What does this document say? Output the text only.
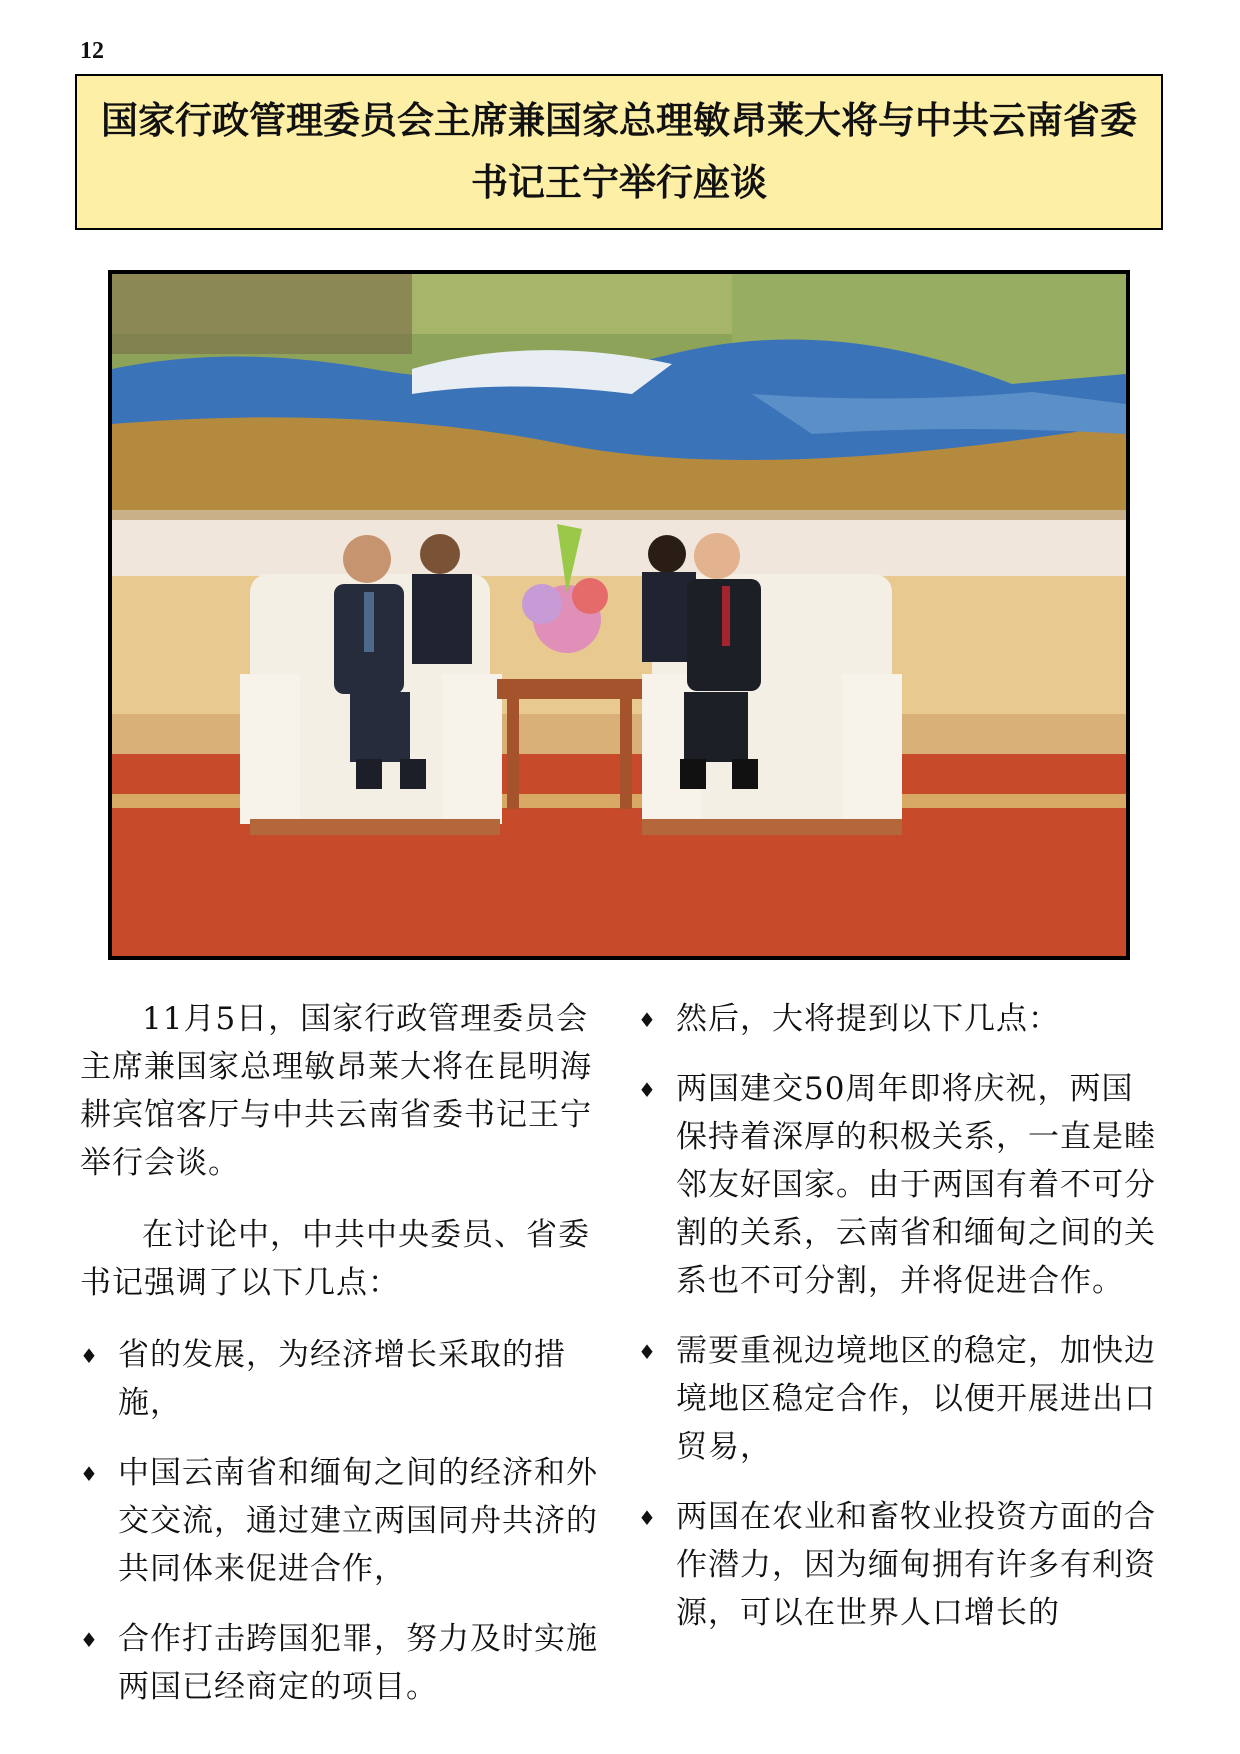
12
国家行政管理委员会主席兼国家总理敏昂莱大将与中共云南省委书记王宁举行座谈

11月5日，国家行政管理委员会主席兼国家总理敏昂莱大将在昆明海耕宾馆客厅与中共云南省委书记王宁举行会谈。

在讨论中，中共中央委员、省委书记强调了以下几点：

♦ 省的发展，为经济增长采取的措施，
♦ 中国云南省和缅甸之间的经济和外交交流，通过建立两国同舟共济的共同体来促进合作，
♦ 合作打击跨国犯罪，努力及时实施两国已经商定的项目。
♦ 然后，大将提到以下几点：
♦ 两国建交50周年即将庆祝，两国保持着深厚的积极关系，一直是睦邻友好国家。由于两国有着不可分割的关系，云南省和缅甸之间的关系也不可分割，并将促进合作。
♦ 需要重视边境地区的稳定，加快边境地区稳定合作，以便开展进出口贸易，
♦ 两国在农业和畜牧业投资方面的合作潜力，因为缅甸拥有许多有利资源，可以在世界人口增长的
